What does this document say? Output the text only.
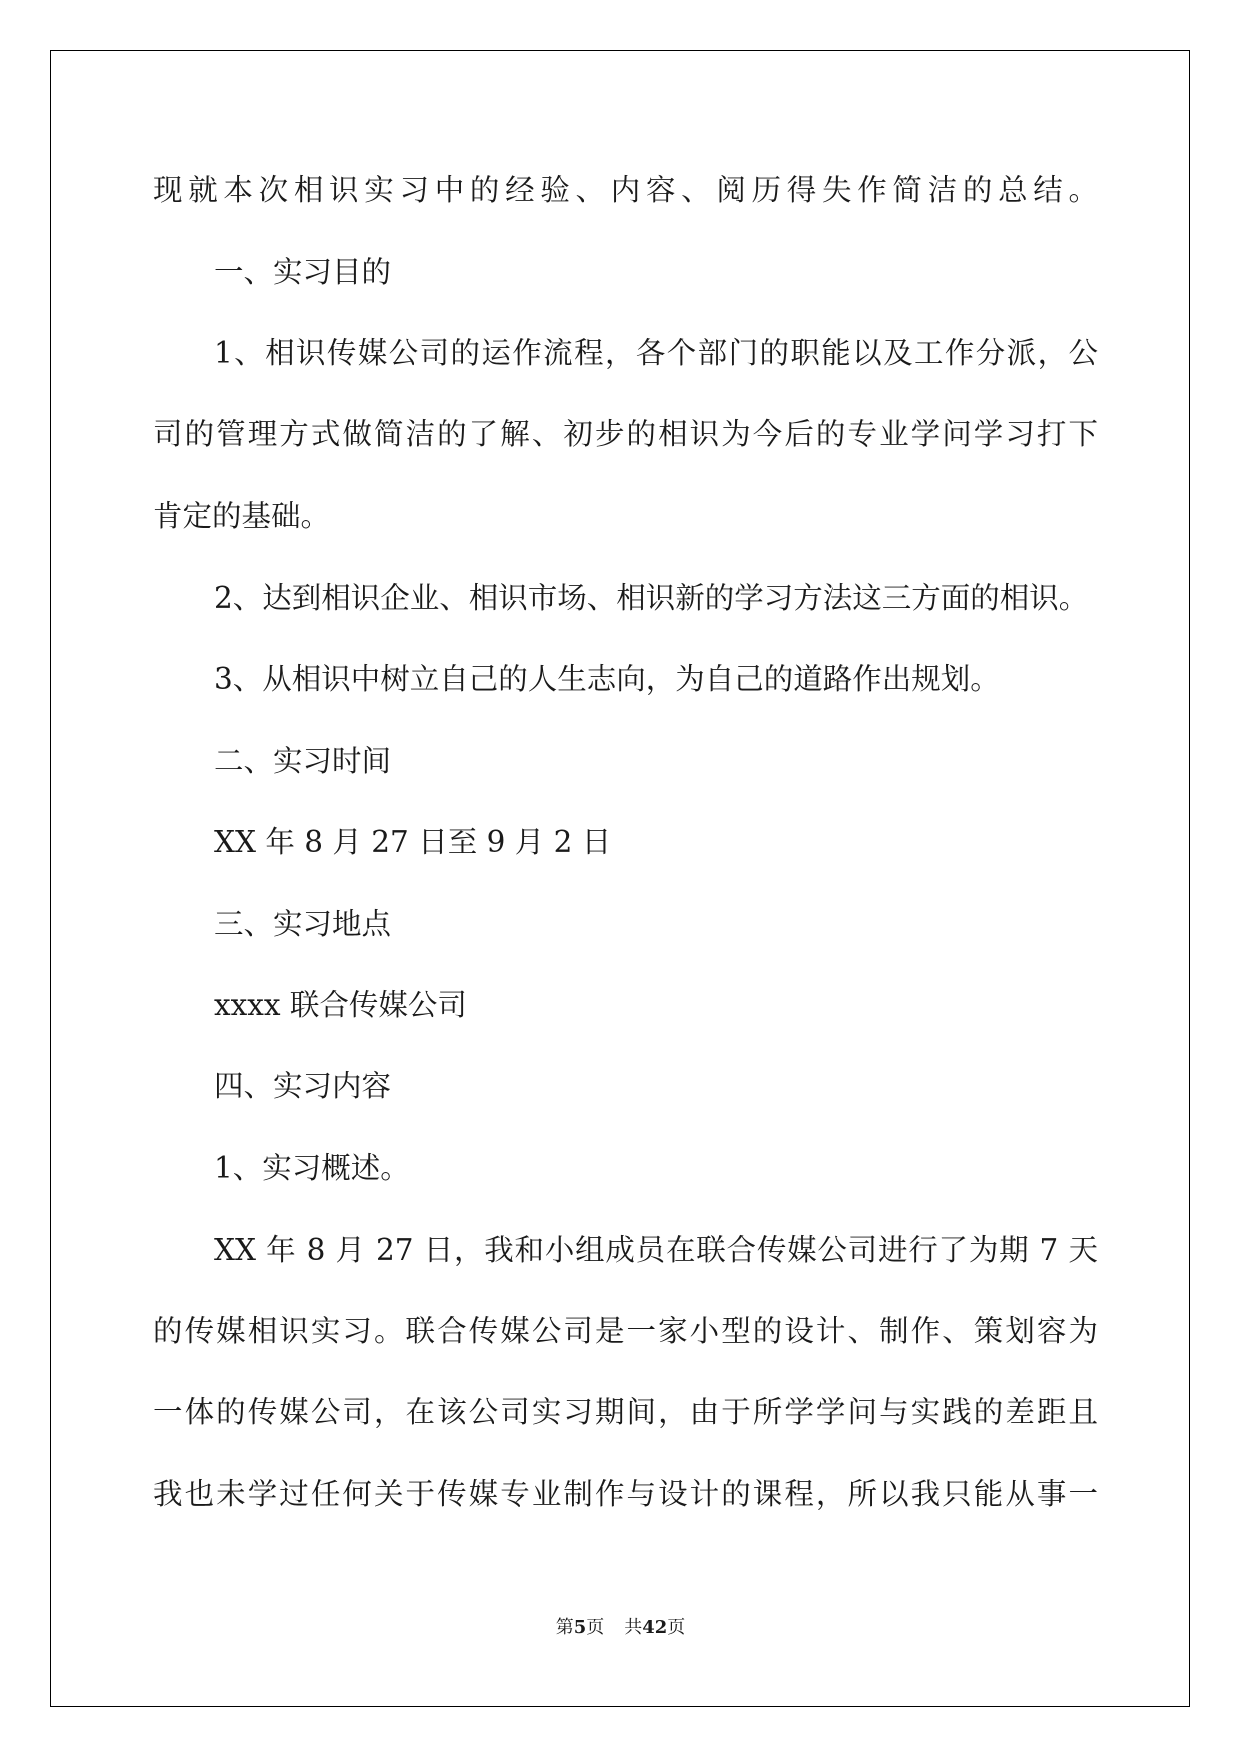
现就本次相识实习中的经验、内容、阅历得失作简洁的总结。
一、实习目的
1、相识传媒公司的运作流程，各个部门的职能以及工作分派，公
司的管理方式做简洁的了解、初步的相识为今后的专业学问学习打下
肯定的基础。
2、达到相识企业、相识市场、相识新的学习方法这三方面的相识。
3、从相识中树立自己的人生志向，为自己的道路作出规划。
二、实习时间
XX 年 8 月 27 日至 9 月 2 日
三、实习地点
xxxx 联合传媒公司
四、实习内容
1、实习概述。
XX 年 8 月 27 日，我和小组成员在联合传媒公司进行了为期 7 天
的传媒相识实习。联合传媒公司是一家小型的设计、制作、策划容为
一体的传媒公司，在该公司实习期间，由于所学学问与实践的差距且
我也未学过任何关于传媒专业制作与设计的课程，所以我只能从事一
第5页 共42页
